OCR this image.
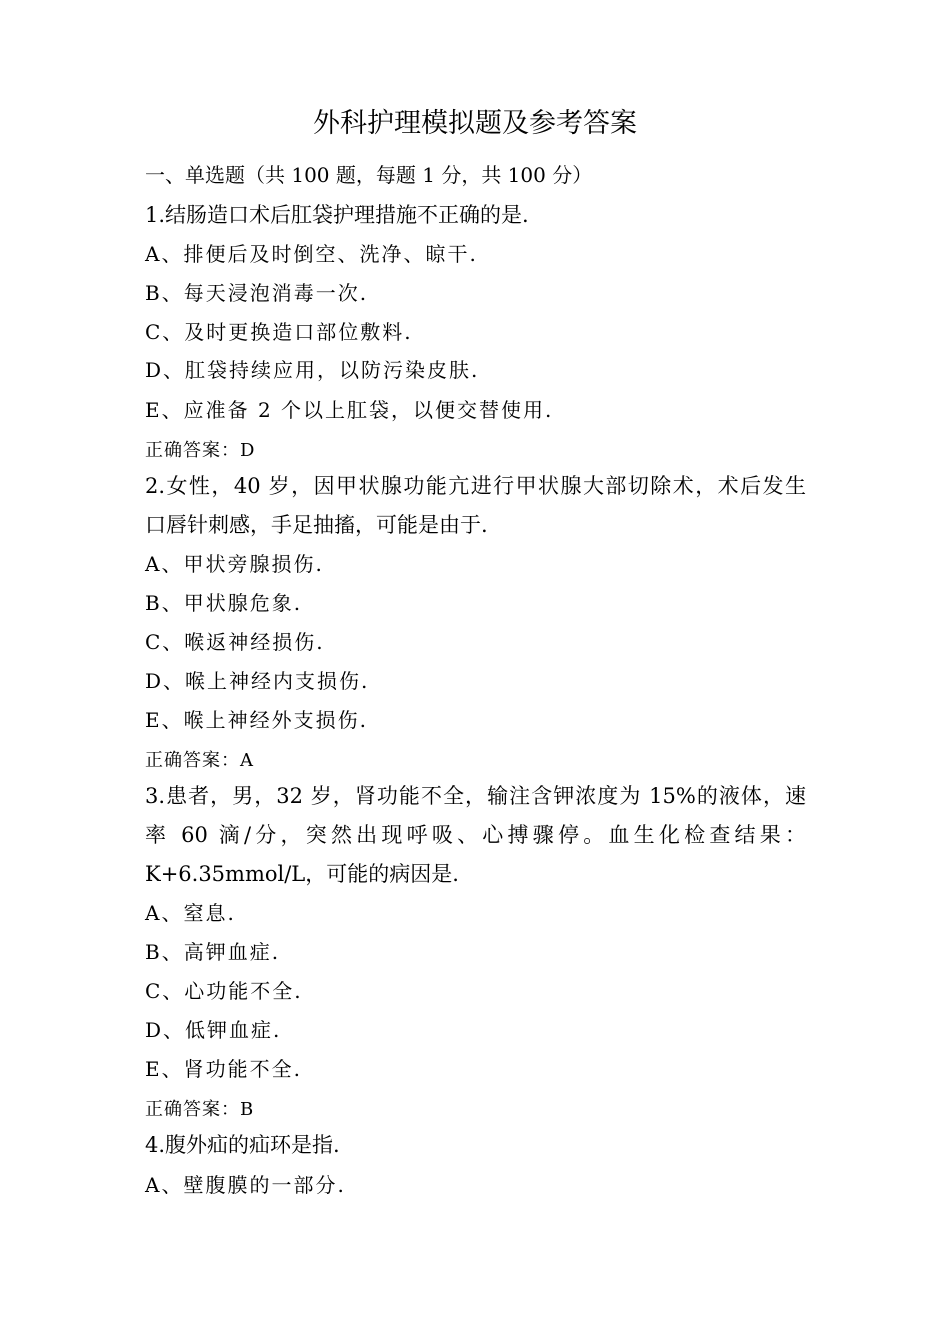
外科护理模拟题及参考答案
一、单选题（共 100 题，每题 1 分，共 100 分）
1.结肠造口术后肛袋护理措施不正确的是.
A、排便后及时倒空、洗净、晾干.
B、每天浸泡消毒一次.
C、及时更换造口部位敷料.
D、肛袋持续应用，以防污染皮肤.
E、应准备 2 个以上肛袋，以便交替使用.
正确答案：D
2.女性，40 岁，因甲状腺功能亢进行甲状腺大部切除术，术后发生
口唇针刺感，手足抽搐，可能是由于.
A、甲状旁腺损伤.
B、甲状腺危象.
C、喉返神经损伤.
D、喉上神经内支损伤.
E、喉上神经外支损伤.
正确答案：A
3.患者，男，32 岁，肾功能不全，输注含钾浓度为 15%的液体，速
率 60 滴/分，突然出现呼吸、心搏骤停。血生化检查结果：
K+6.35mmol/L，可能的病因是.
A、窒息.
B、高钾血症.
C、心功能不全.
D、低钾血症.
E、肾功能不全.
正确答案：B
4.腹外疝的疝环是指.
A、壁腹膜的一部分.
